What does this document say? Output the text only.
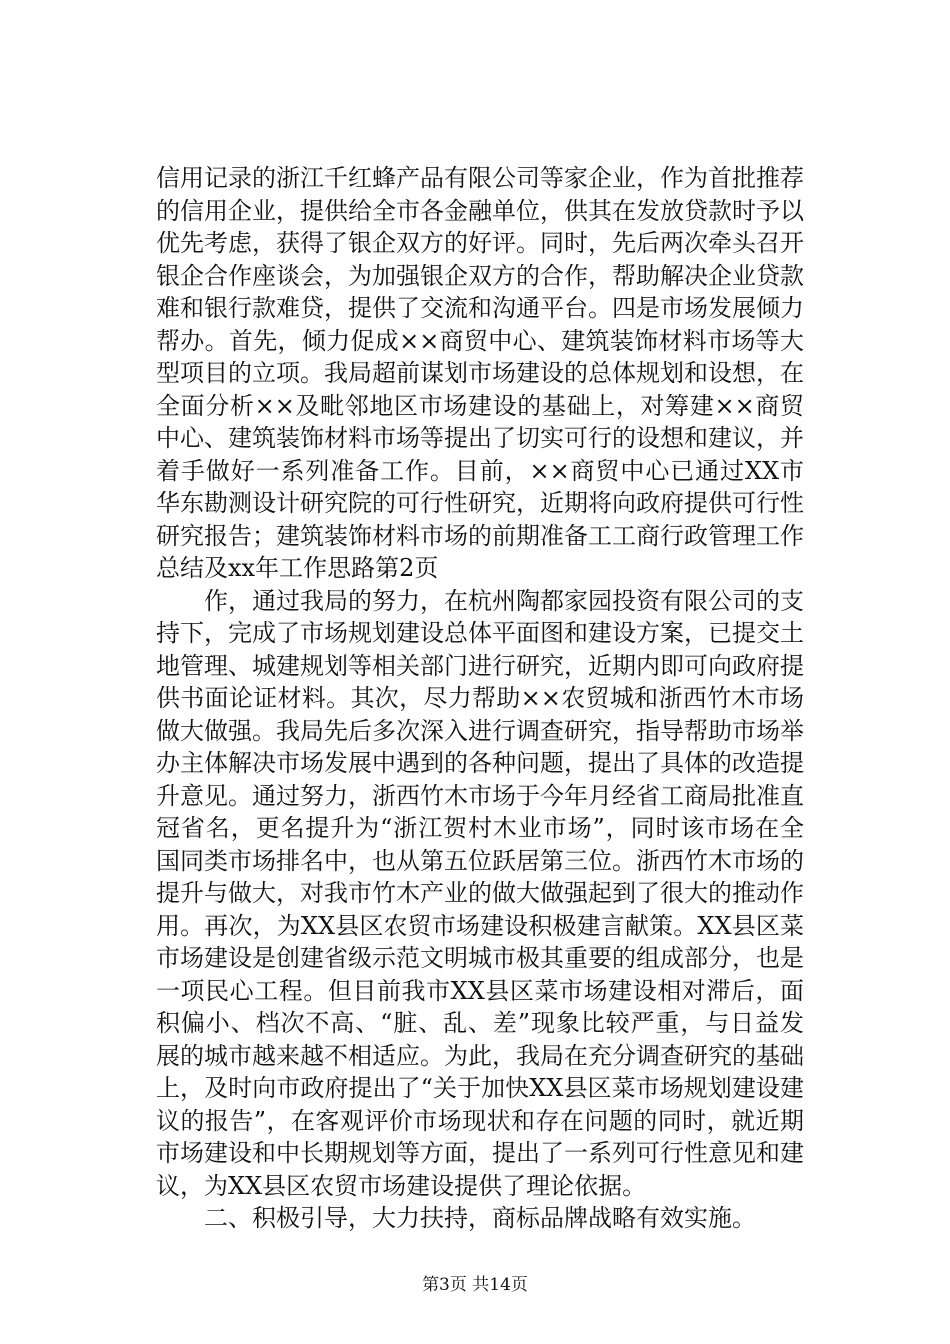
信用记录的浙江千红蜂产品有限公司等家企业，作为首批推荐的信用企业，提供给全市各金融单位，供其在发放贷款时予以优先考虑，获得了银企双方的好评。同时，先后两次牵头召开银企合作座谈会，为加强银企双方的合作，帮助解决企业贷款难和银行款难贷，提供了交流和沟通平台。四是市场发展倾力帮办。首先，倾力促成××商贸中心、建筑装饰材料市场等大型项目的立项。我局超前谋划市场建设的总体规划和设想，在全面分析××及毗邻地区市场建设的基础上，对筹建××商贸中心、建筑装饰材料市场等提出了切实可行的设想和建议，并着手做好一系列准备工作。目前，××商贸中心已通过XX市华东勘测设计研究院的可行性研究，近期将向政府提供可行性研究报告；建筑装饰材料市场的前期准备工工商行政管理工作总结及xx年工作思路第2页

作，通过我局的努力，在杭州陶都家园投资有限公司的支持下，完成了市场规划建设总体平面图和建设方案，已提交土地管理、城建规划等相关部门进行研究，近期内即可向政府提供书面论证材料。其次，尽力帮助××农贸城和浙西竹木市场做大做强。我局先后多次深入进行调查研究，指导帮助市场举办主体解决市场发展中遇到的各种问题，提出了具体的改造提升意见。通过努力，浙西竹木市场于今年月经省工商局批准直冠省名，更名提升为“浙江贺村木业市场”，同时该市场在全国同类市场排名中，也从第五位跃居第三位。浙西竹木市场的提升与做大，对我市竹木产业的做大做强起到了很大的推动作用。再次，为XX县区农贸市场建设积极建言献策。XX县区菜市场建设是创建省级示范文明城市极其重要的组成部分，也是一项民心工程。但目前我市XX县区菜市场建设相对滞后，面积偏小、档次不高、“脏、乱、差”现象比较严重，与日益发展的城市越来越不相适应。为此，我局在充分调查研究的基础上，及时向市政府提出了“关于加快XX县区菜市场规划建设建议的报告”，在客观评价市场现状和存在问题的同时，就近期市场建设和中长期规划等方面，提出了一系列可行性意见和建议，为XX县区农贸市场建设提供了理论依据。

二、积极引导，大力扶持，商标品牌战略有效实施。

第3页 共14页
